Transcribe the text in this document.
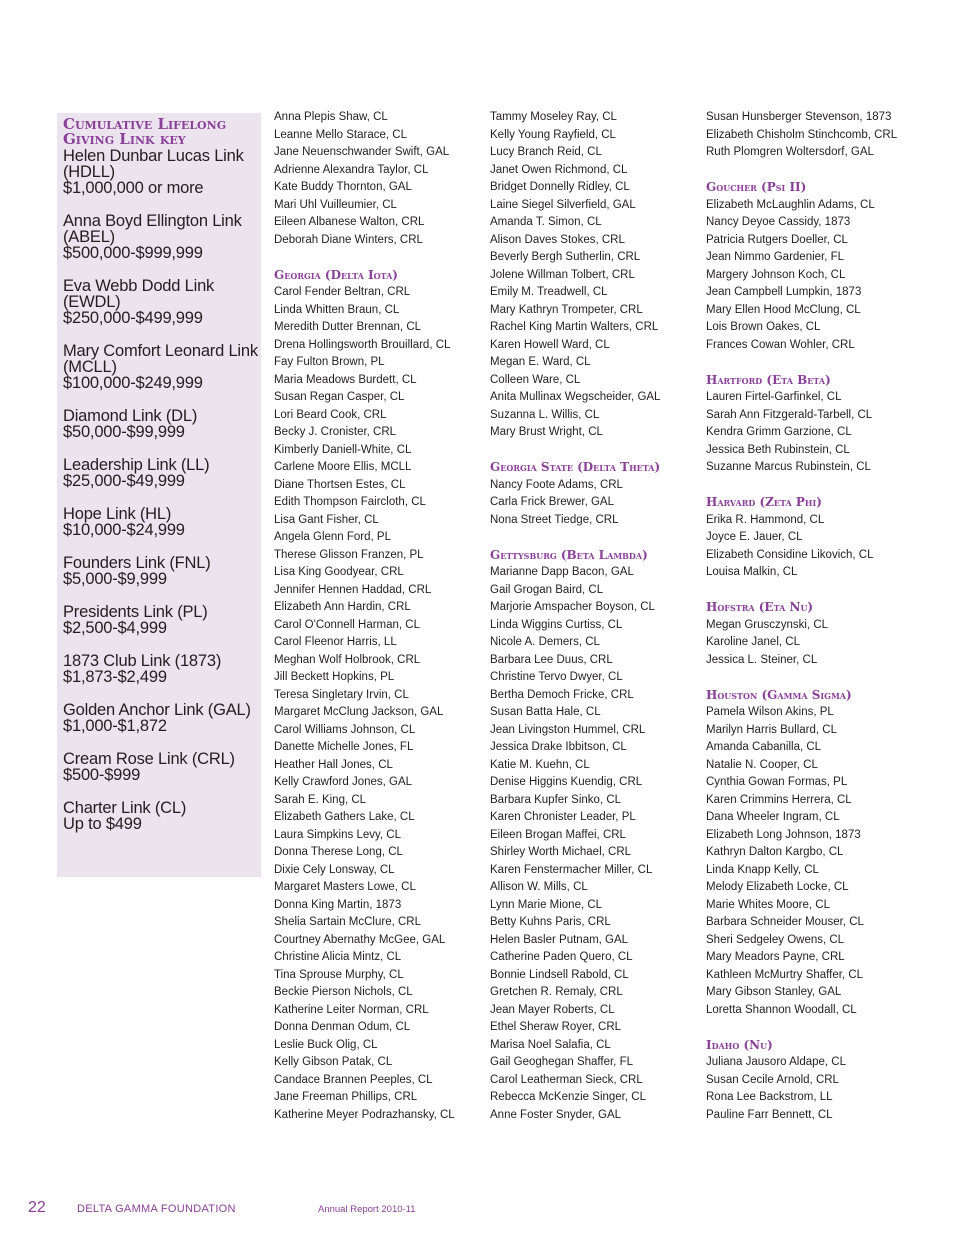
Cumulative Lifelong
Giving Link key
Helen Dunbar Lucas Link
(HDLL)
$1,000,000 or more
Anna Boyd Ellington Link
(ABEL)
$500,000-$999,999
Eva Webb Dodd Link
(EWDL)
$250,000-$499,999
Mary Comfort Leonard Link
(MCLL)
$100,000-$249,999
Diamond Link (DL)
$50,000-$99,999
Leadership Link (LL)
$25,000-$49,999
Hope Link (HL)
$10,000-$24,999
Founders Link (FNL)
$5,000-$9,999
Presidents Link (PL)
$2,500-$4,999
1873 Club Link (1873)
$1,873-$2,499
Golden Anchor Link (GAL)
$1,000-$1,872
Cream Rose Link (CRL)
$500-$999
Charter Link (CL)
Up to $499
Anna Plepis Shaw, CL
Leanne Mello Starace, CL
Jane Neuenschwander Swift, GAL
Adrienne Alexandra Taylor, CL
Kate Buddy Thornton, GAL
Mari Uhl Vuilleumier, CL
Eileen Albanese Walton, CRL
Deborah Diane Winters, CRL
Georgia (Delta Iota)
Carol Fender Beltran, CRL
Linda Whitten Braun, CL
Meredith Dutter Brennan, CL
Drena Hollingsworth Brouillard, CL
Fay Fulton Brown, PL
Maria Meadows Burdett, CL
Susan Regan Casper, CL
Lori Beard Cook, CRL
Becky J. Cronister, CRL
Kimberly Daniell-White, CL
Carlene Moore Ellis, MCLL
Diane Thortsen Estes, CL
Edith Thompson Faircloth, CL
Lisa Gant Fisher, CL
Angela Glenn Ford, PL
Therese Glisson Franzen, PL
Lisa King Goodyear, CRL
Jennifer Hennen Haddad, CRL
Elizabeth Ann Hardin, CRL
Carol O'Connell Harman, CL
Carol Fleenor Harris, LL
Meghan Wolf Holbrook, CRL
Jill Beckett Hopkins, PL
Teresa Singletary Irvin, CL
Margaret McClung Jackson, GAL
Carol Williams Johnson, CL
Danette Michelle Jones, FL
Heather Hall Jones, CL
Kelly Crawford Jones, GAL
Sarah E. King, CL
Elizabeth Gathers Lake, CL
Laura Simpkins Levy, CL
Donna Therese Long, CL
Dixie Cely Lonsway, CL
Margaret Masters Lowe, CL
Donna King Martin, 1873
Shelia Sartain McClure, CRL
Courtney Abernathy McGee, GAL
Christine Alicia Mintz, CL
Tina Sprouse Murphy, CL
Beckie Pierson Nichols, CL
Katherine Leiter Norman, CRL
Donna Denman Odum, CL
Leslie Buck Olig, CL
Kelly Gibson Patak, CL
Candace Brannen Peeples, CL
Jane Freeman Phillips, CRL
Katherine Meyer Podrazhansky, CL
Tammy Moseley Ray, CL
Kelly Young Rayfield, CL
Lucy Branch Reid, CL
Janet Owen Richmond, CL
Bridget Donnelly Ridley, CL
Laine Siegel Silverfield, GAL
Amanda T. Simon, CL
Alison Daves Stokes, CRL
Beverly Bergh Sutherlin, CRL
Jolene Willman Tolbert, CRL
Emily M. Treadwell, CL
Mary Kathryn Trompeter, CRL
Rachel King Martin Walters, CRL
Karen Howell Ward, CL
Megan E. Ward, CL
Colleen Ware, CL
Anita Mullinax Wegscheider, GAL
Suzanna L. Willis, CL
Mary Brust Wright, CL
Georgia State (Delta Theta)
Nancy Foote Adams, CRL
Carla Frick Brewer, GAL
Nona Street Tiedge, CRL
Gettysburg (Beta Lambda)
Marianne Dapp Bacon, GAL
Gail Grogan Baird, CL
Marjorie Amspacher Boyson, CL
Linda Wiggins Curtiss, CL
Nicole A. Demers, CL
Barbara Lee Duus, CRL
Christine Tervo Dwyer, CL
Bertha Democh Fricke, CRL
Susan Batta Hale, CL
Jean Livingston Hummel, CRL
Jessica Drake Ibbitson, CL
Katie M. Kuehn, CL
Denise Higgins Kuendig, CRL
Barbara Kupfer Sinko, CL
Karen Chronister Leader, PL
Eileen Brogan Maffei, CRL
Shirley Worth Michael, CRL
Karen Fenstermacher Miller, CL
Allison W. Mills, CL
Lynn Marie Mione, CL
Betty Kuhns Paris, CRL
Helen Basler Putnam, GAL
Catherine Paden Quero, CL
Bonnie Lindsell Rabold, CL
Gretchen R. Remaly, CRL
Jean Mayer Roberts, CL
Ethel Sheraw Royer, CRL
Marisa Noel Salafia, CL
Gail Geoghegan Shaffer, FL
Carol Leatherman Sieck, CRL
Rebecca McKenzie Singer, CL
Anne Foster Snyder, GAL
Susan Hunsberger Stevenson, 1873
Elizabeth Chisholm Stinchcomb, CRL
Ruth Plomgren Woltersdorf, GAL
Goucher (Psi II)
Elizabeth McLaughlin Adams, CL
Nancy Deyoe Cassidy, 1873
Patricia Rutgers Doeller, CL
Jean Nimmo Gardenier, FL
Margery Johnson Koch, CL
Jean Campbell Lumpkin, 1873
Mary Ellen Hood McClung, CL
Lois Brown Oakes, CL
Frances Cowan Wohler, CRL
Hartford (Eta Beta)
Lauren Firtel-Garfinkel, CL
Sarah Ann Fitzgerald-Tarbell, CL
Kendra Grimm Garzione, CL
Jessica Beth Rubinstein, CL
Suzanne Marcus Rubinstein, CL
Harvard (Zeta Phi)
Erika R. Hammond, CL
Joyce E. Jauer, CL
Elizabeth Considine Likovich, CL
Louisa Malkin, CL
Hofstra (Eta Nu)
Megan Grusczynski, CL
Karoline Janel, CL
Jessica L. Steiner, CL
Houston (Gamma Sigma)
Pamela Wilson Akins, PL
Marilyn Harris Bullard, CL
Amanda Cabanilla, CL
Natalie N. Cooper, CL
Cynthia Gowan Formas, PL
Karen Crimmins Herrera, CL
Dana Wheeler Ingram, CL
Elizabeth Long Johnson, 1873
Kathryn Dalton Kargbo, CL
Linda Knapp Kelly, CL
Melody Elizabeth Locke, CL
Marie Whites Moore, CL
Barbara Schneider Mouser, CL
Sheri Sedgeley Owens, CL
Mary Meadors Payne, CRL
Kathleen McMurtry Shaffer, CL
Mary Gibson Stanley, GAL
Loretta Shannon Woodall, CL
Idaho (Nu)
Juliana Jausoro Aldape, CL
Susan Cecile Arnold, CRL
Rona Lee Backstrom, LL
Pauline Farr Bennett, CL
22	DELTA GAMMA FOUNDATION	Annual Report 2010-11
